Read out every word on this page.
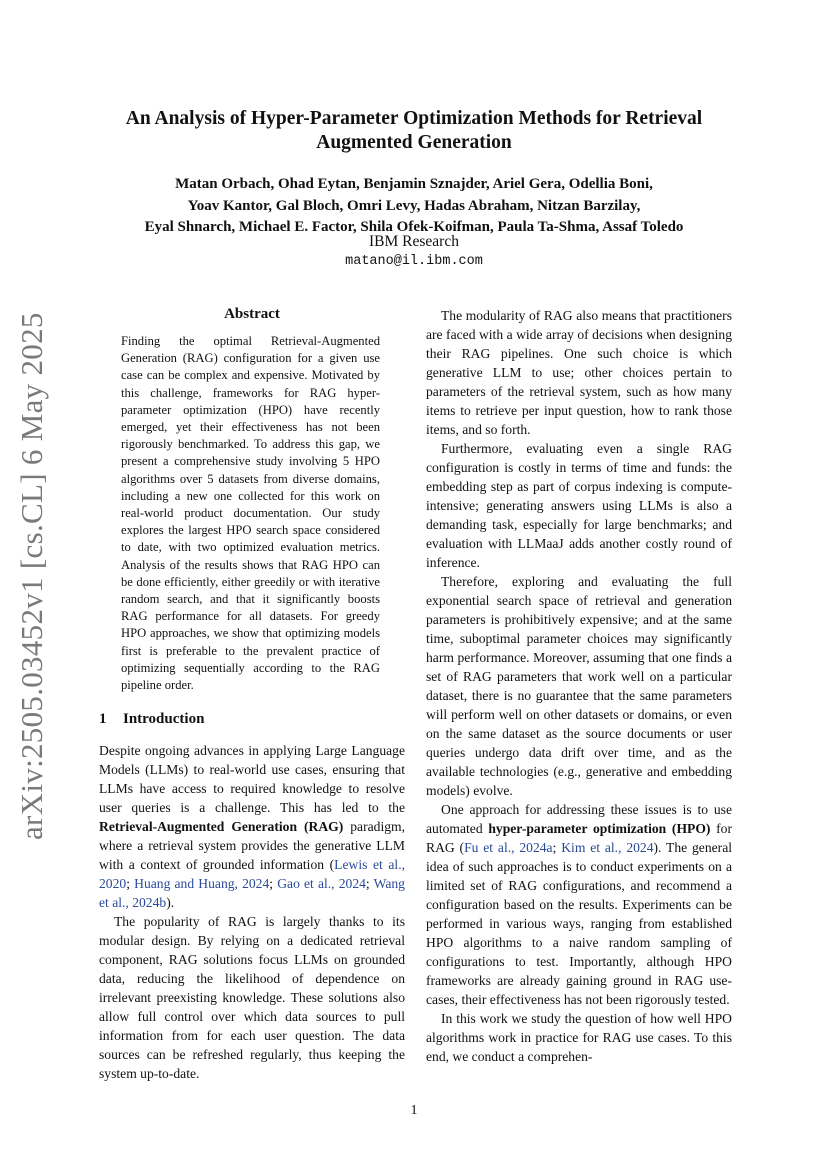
arXiv:2505.03452v1 [cs.CL] 6 May 2025
An Analysis of Hyper-Parameter Optimization Methods for Retrieval
Augmented Generation
Matan Orbach, Ohad Eytan, Benjamin Sznajder, Ariel Gera, Odellia Boni,
Yoav Kantor, Gal Bloch, Omri Levy, Hadas Abraham, Nitzan Barzilay,
Eyal Shnarch, Michael E. Factor, Shila Ofek-Koifman, Paula Ta-Shma, Assaf Toledo
IBM Research
matano@il.ibm.com
Abstract
Finding the optimal Retrieval-Augmented Generation (RAG) configuration for a given use case can be complex and expensive. Motivated by this challenge, frameworks for RAG hyper-parameter optimization (HPO) have recently emerged, yet their effectiveness has not been rigorously benchmarked. To address this gap, we present a comprehensive study involving 5 HPO algorithms over 5 datasets from diverse domains, including a new one collected for this work on real-world product documentation. Our study explores the largest HPO search space considered to date, with two optimized evaluation metrics. Analysis of the results shows that RAG HPO can be done efficiently, either greedily or with iterative random search, and that it significantly boosts RAG performance for all datasets. For greedy HPO approaches, we show that optimizing models first is preferable to the prevalent practice of optimizing sequentially according to the RAG pipeline order.
1 Introduction

Despite ongoing advances in applying Large Language Models (LLMs) to real-world use cases, ensuring that LLMs have access to required knowledge to resolve user queries is a challenge. This has led to the Retrieval-Augmented Generation (RAG) paradigm, where a retrieval system provides the generative LLM with a context of grounded information (Lewis et al., 2020; Huang and Huang, 2024; Gao et al., 2024; Wang et al., 2024b).

The popularity of RAG is largely thanks to its modular design. By relying on a dedicated retrieval component, RAG solutions focus LLMs on grounded data, reducing the likelihood of dependence on irrelevant preexisting knowledge. These solutions also allow full control over which data sources to pull information from for each user question. The data sources can be refreshed regularly, thus keeping the system up-to-date.

The modularity of RAG also means that practitioners are faced with a wide array of decisions when designing their RAG pipelines. One such choice is which generative LLM to use; other choices pertain to parameters of the retrieval system, such as how many items to retrieve per input question, how to rank those items, and so forth.

Furthermore, evaluating even a single RAG configuration is costly in terms of time and funds: the embedding step as part of corpus indexing is compute-intensive; generating answers using LLMs is also a demanding task, especially for large benchmarks; and evaluation with LLMaaJ adds another costly round of inference.

Therefore, exploring and evaluating the full exponential search space of retrieval and generation parameters is prohibitively expensive; and at the same time, suboptimal parameter choices may significantly harm performance. Moreover, assuming that one finds a set of RAG parameters that work well on a particular dataset, there is no guarantee that the same parameters will perform well on other datasets or domains, or even on the same dataset as the source documents or user queries undergo data drift over time, and as the available technologies (e.g., generative and embedding models) evolve.

One approach for addressing these issues is to use automated hyper-parameter optimization (HPO) for RAG (Fu et al., 2024a; Kim et al., 2024). The general idea of such approaches is to conduct experiments on a limited set of RAG configurations, and recommend a configuration based on the results. Experiments can be performed in various ways, ranging from established HPO algorithms to a naive random sampling of configurations to test. Importantly, although HPO frameworks are already gaining ground in RAG use-cases, their effectiveness has not been rigorously tested.

In this work we study the question of how well HPO algorithms work in practice for RAG use cases. To this end, we conduct a comprehen-

1
